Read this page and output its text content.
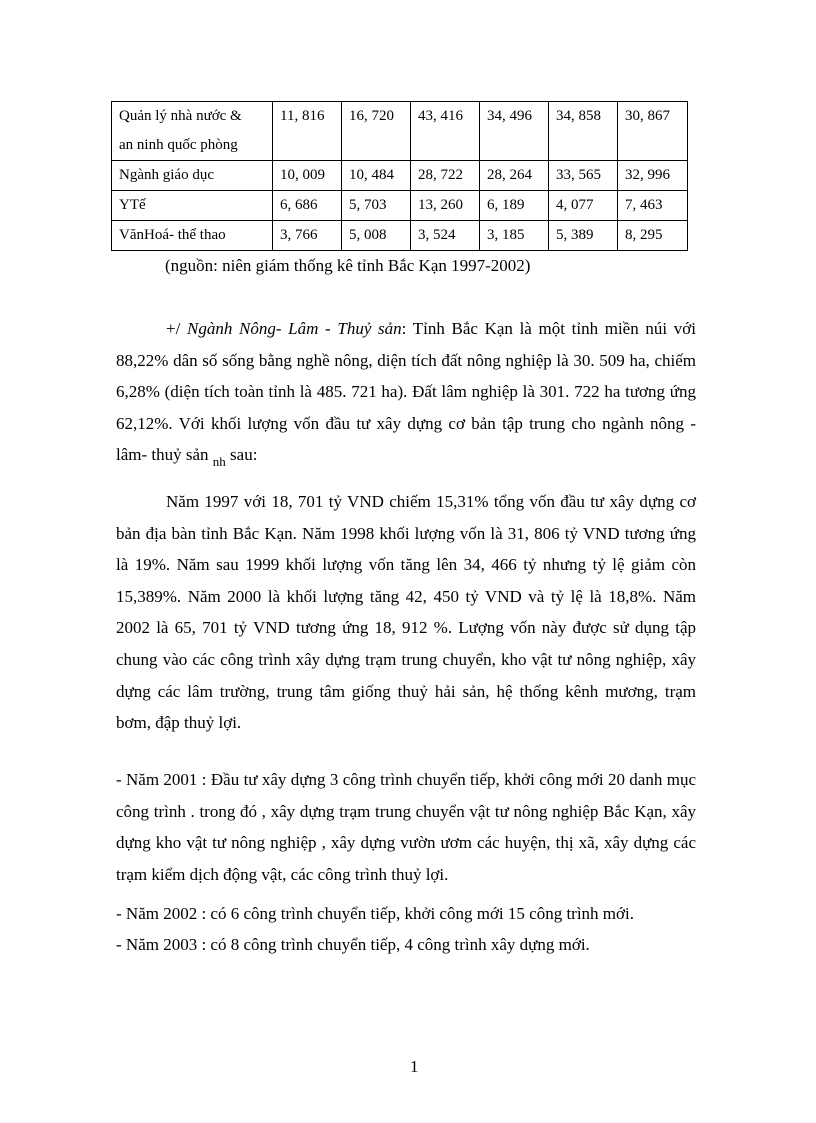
Quản lý nhà nước &
an ninh quốc phòng	11, 816	16, 720	43, 416	34, 496	34, 858	30, 867
Ngành giáo dục	10, 009	10, 484	28, 722	28, 264	33, 565	32, 996
YTế	6, 686	5, 703	13, 260	6, 189	4, 077	7, 463
VănHoá- thể thao	3, 766	5, 008	3, 524	3, 185	5, 389	8, 295
(nguồn: niên giám thống kê tỉnh Bắc Kạn 1997-2002)

+/ Ngành Nông- Lâm - Thuỷ sản: Tỉnh Bắc Kạn là một tỉnh miền núi với 88,22% dân số sống bằng nghề nông, diện tích đất nông nghiệp là 30. 509 ha, chiếm 6,28% (diện tích toàn tỉnh là 485. 721 ha). Đất lâm nghiệp là 301. 722 ha tương ứng 62,12%. Với khối lượng vốn đầu tư xây dựng cơ bản tập trung cho ngành nông - lâm- thuỷ sản $_{nh}$ sau:

Năm 1997 với 18, 701 tỷ VND chiếm 15,31% tổng vốn đầu tư xây dựng cơ bản địa bàn tỉnh Bắc Kạn. Năm 1998 khối lượng vốn là 31, 806 tỷ VND tương ứng là 19%. Năm sau 1999 khối lượng vốn tăng lên 34, 466 tỷ nhưng tỷ lệ giảm còn 15,389%. Năm 2000 là khối lượng tăng 42, 450 tỷ VND và tỷ lệ là 18,8%. Năm 2002 là 65, 701 tỷ VND tương ứng 18, 912 %. Lượng vốn này được sử dụng tập chung vào các công trình xây dựng trạm trung chuyển, kho vật tư nông nghiệp, xây dựng các lâm trường, trung tâm giống thuỷ hải sản, hệ thống kênh mương, trạm bơm, đập thuỷ lợi.

- Năm 2001 : Đầu tư xây dựng 3 công trình chuyển tiếp, khởi công mới 20 danh mục công trình . trong đó , xây dựng trạm trung chuyển vật tư nông nghiệp Bắc Kạn, xây dựng kho vật tư nông nghiệp , xây dựng vườn ươm các huyện, thị xã, xây dựng các trạm kiểm dịch động vật, các công trình thuỷ lợi.

- Năm 2002 : có 6 công trình chuyển tiếp, khởi công mới 15 công trình mới.

- Năm 2003 : có 8 công trình chuyển tiếp, 4 công trình xây dựng mới.

1
